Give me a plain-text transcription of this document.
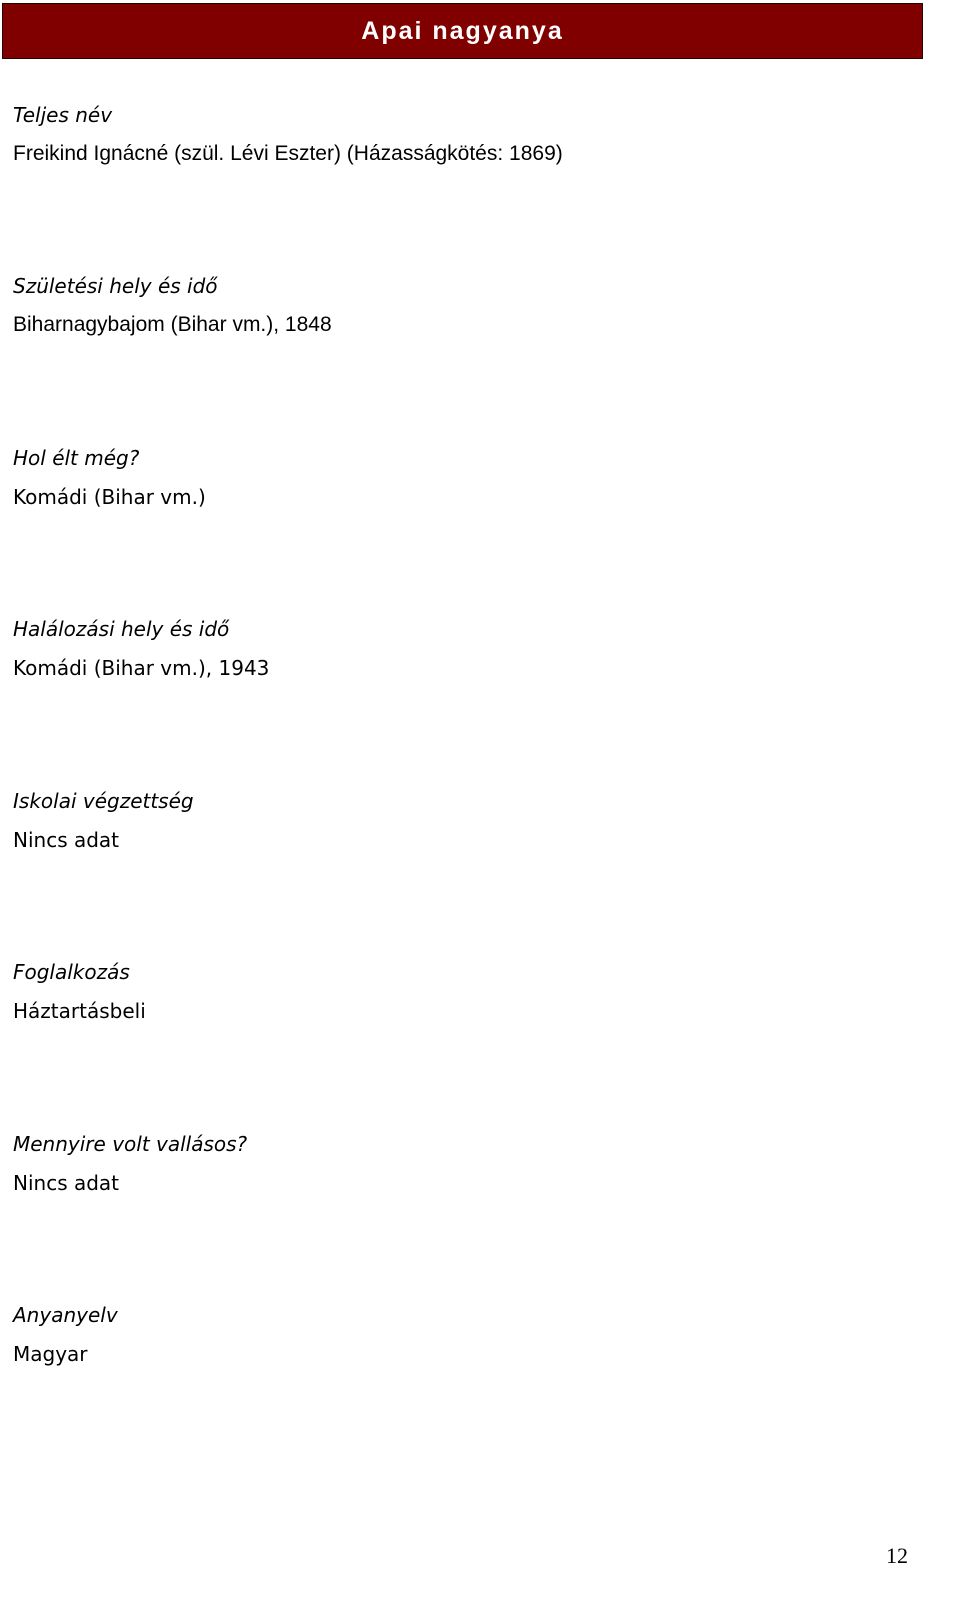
Apai nagyanya

Teljes név

Freikind Ignácné (szül. Lévi Eszter) (Házasságkötés: 1869)

Születési hely és idő

Biharnagybajom (Bihar vm.), 1848

Hol élt még?

Komádi (Bihar vm.)

Halálozási hely és idő

Komádi (Bihar vm.), 1943

Iskolai végzettség

Nincs adat

Foglalkozás

Háztartásbeli

Mennyire volt vallásos?

Nincs adat

Anyanyelv

Magyar

12
